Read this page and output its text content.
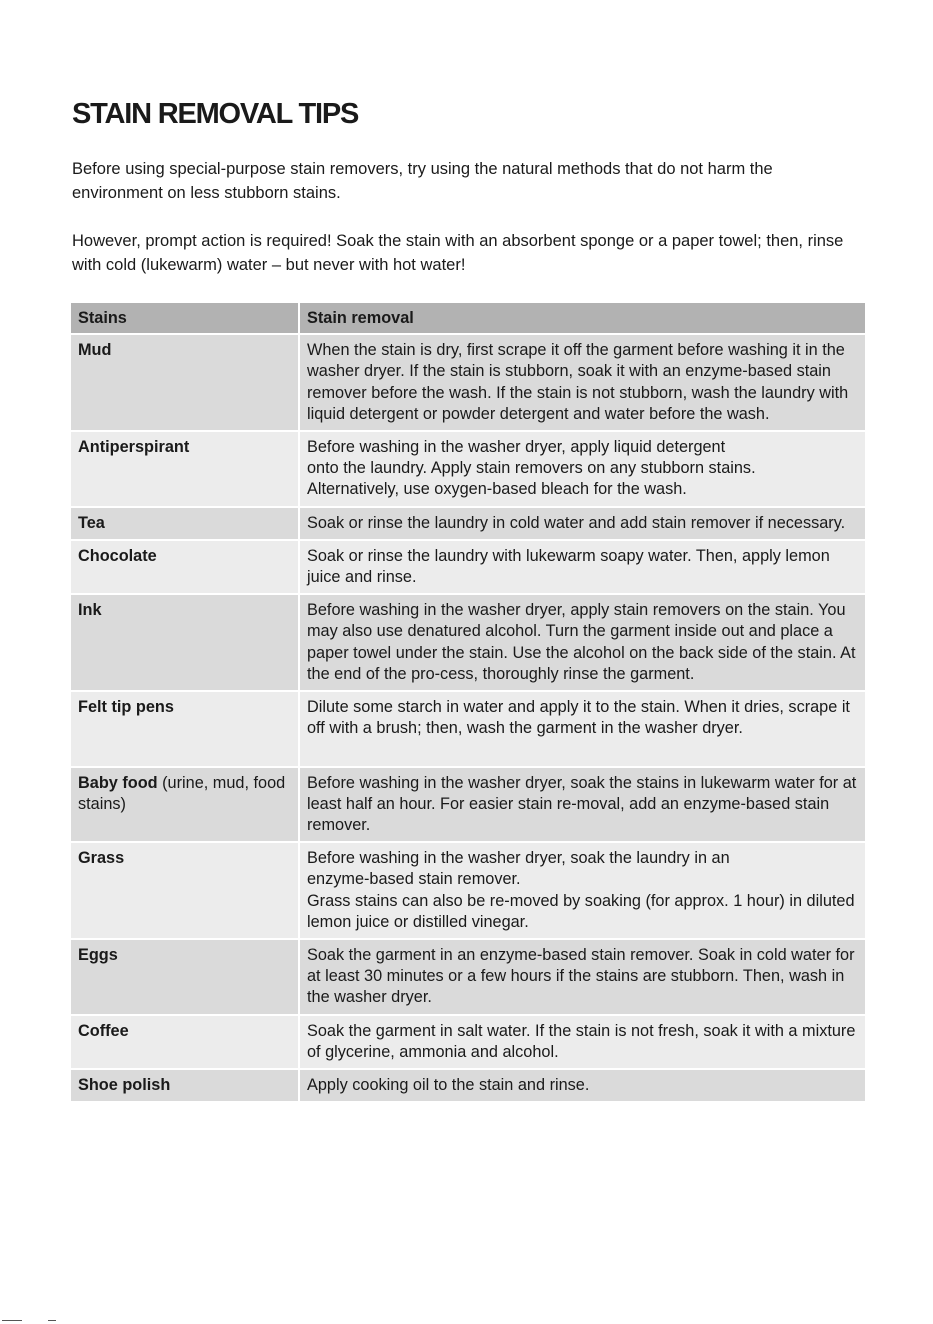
STAIN REMOVAL TIPS

Before using special-purpose stain removers, try using the natural methods that do not harm the environment on less stubborn stains.

However, prompt action is required! Soak the stain with an absorbent sponge or a paper towel; then, rinse with cold (lukewarm) water – but never with hot water!

Stains	Stain removal
Mud	When the stain is dry, first scrape it off the garment before washing it in the washer dryer. If the stain is stubborn, soak it with an enzyme-based stain remover before the wash. If the stain is not stubborn, wash the laundry with liquid detergent or powder detergent and water before the wash.
Antiperspirant	Before washing in the washer dryer, apply liquid detergent
onto the laundry. Apply stain removers on any stubborn stains.
Alternatively, use oxygen-based bleach for the wash.
Tea	Soak or rinse the laundry in cold water and add stain remover if necessary.
Chocolate	Soak or rinse the laundry with lukewarm soapy water. Then, apply lemon juice and rinse.
Ink	Before washing in the washer dryer, apply stain removers on the stain. You may also use denatured alcohol. Turn the garment inside out and place a paper towel under the stain. Use the alcohol on the back side of the stain. At the end of the pro-cess, thoroughly rinse the garment.
Felt tip pens	Dilute some starch in water and apply it to the stain. When it dries, scrape it off with a brush; then, wash the garment in the washer dryer.

Baby food (urine, mud, food stains)	Before washing in the washer dryer, soak the stains in lukewarm water for at least half an hour. For easier stain re-moval, add an enzyme-based stain remover.
Grass	Before washing in the washer dryer, soak the laundry in an
enzyme-based stain remover.
Grass stains can also be re-moved by soaking (for approx. 1 hour) in diluted lemon juice or distilled vinegar.
Eggs	Soak the garment in an enzyme-based stain remover. Soak in cold water for at least 30 minutes or a few hours if the stains are stubborn. Then, wash in the washer dryer.
Coffee	Soak the garment in salt water. If the stain is not fresh, soak it with a mixture of glycerine, ammonia and alcohol.
Shoe polish	Apply cooking oil to the stain and rinse.
